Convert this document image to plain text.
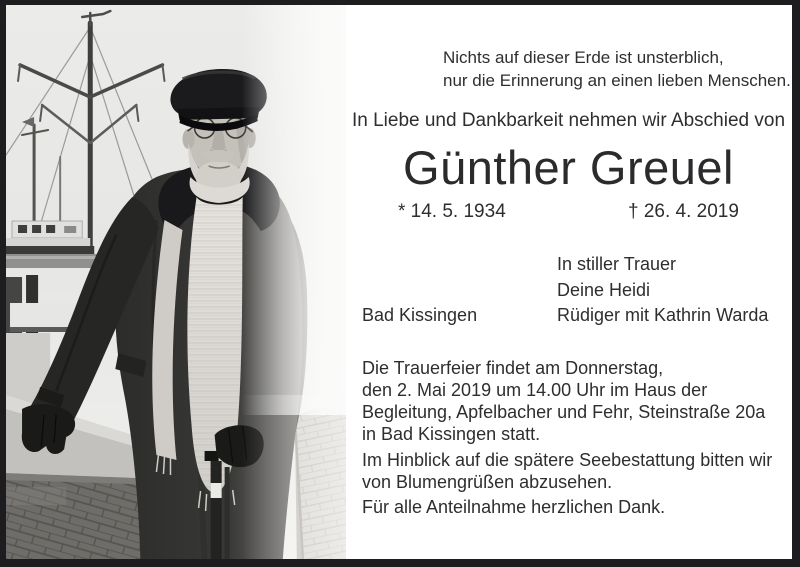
Nichts auf dieser Erde ist unsterblich,
nur die Erinnerung an einen lieben Menschen.
In Liebe und Dankbarkeit nehmen wir Abschied von
Günther Greuel
* 14. 5. 1934	† 26. 4. 2019
In stiller Trauer
Deine Heidi
Bad Kissingen	Rüdiger mit Kathrin Warda
Die Trauerfeier findet am Donnerstag,
den 2. Mai 2019 um 14.00 Uhr im Haus der
Begleitung, Apfelbacher und Fehr, Steinstraße 20a
in Bad Kissingen statt.
Im Hinblick auf die spätere Seebestattung bitten wir
von Blumengrüßen abzusehen.
Für alle Anteilnahme herzlichen Dank.
